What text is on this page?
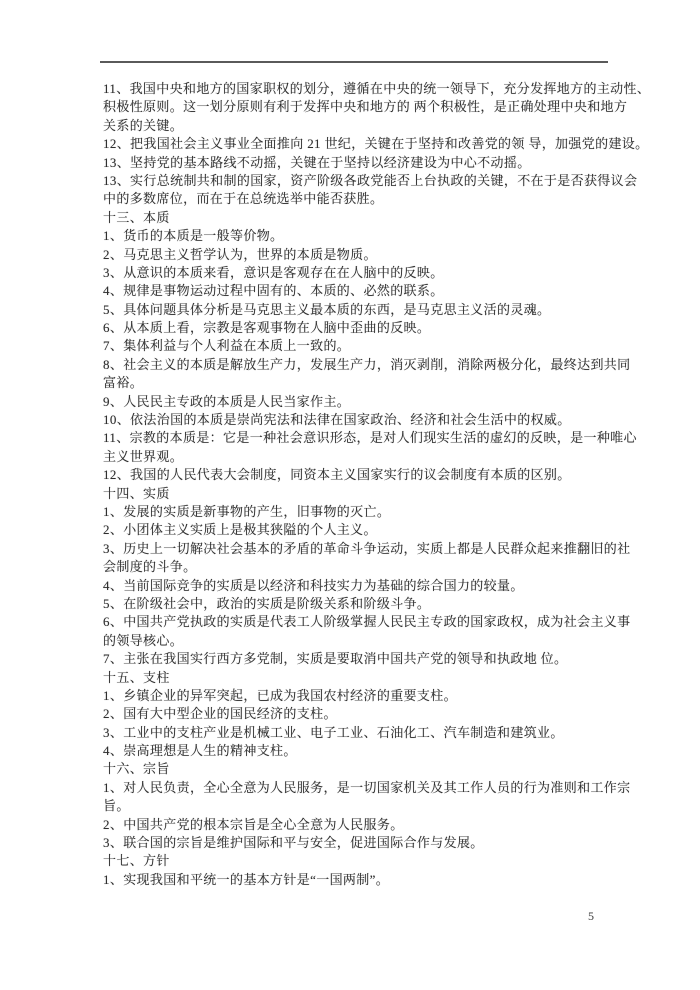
11、我国中央和地方的国家职权的划分，遵循在中央的统一领导下，充分发挥地方的主动性、
积极性原则。这一划分原则有利于发挥中央和地方的 两个积极性，是正确处理中央和地方
关系的关键。
12、把我国社会主义事业全面推向 21 世纪，关键在于坚持和改善党的领 导，加强党的建设。
13、坚持党的基本路线不动摇，关键在于坚持以经济建设为中心不动摇。
13、实行总统制共和制的国家，资产阶级各政党能否上台执政的关键，不在于是否获得议会
中的多数席位，而在于在总统选举中能否获胜。
十三、本质
1、货币的本质是一般等价物。
2、马克思主义哲学认为，世界的本质是物质。
3、从意识的本质来看，意识是客观存在在人脑中的反映。
4、规律是事物运动过程中固有的、本质的、必然的联系。
5、具体问题具体分析是马克思主义最本质的东西，是马克思主义活的灵魂。
6、从本质上看，宗教是客观事物在人脑中歪曲的反映。
7、集体利益与个人利益在本质上一致的。
8、社会主义的本质是解放生产力，发展生产力，消灭剥削，消除两极分化，最终达到共同
富裕。
9、人民民主专政的本质是人民当家作主。
10、依法治国的本质是崇尚宪法和法律在国家政治、经济和社会生活中的权威。
11、宗教的本质是：它是一种社会意识形态，是对人们现实生活的虚幻的反映，是一种唯心
主义世界观。
12、我国的人民代表大会制度，同资本主义国家实行的议会制度有本质的区别。
十四、实质
1、发展的实质是新事物的产生，旧事物的灭亡。
2、小团体主义实质上是极其狭隘的个人主义。
3、历史上一切解决社会基本的矛盾的革命斗争运动，实质上都是人民群众起来推翻旧的社
会制度的斗争。
4、当前国际竞争的实质是以经济和科技实力为基础的综合国力的较量。
5、在阶级社会中，政治的实质是阶级关系和阶级斗争。
6、中国共产党执政的实质是代表工人阶级掌握人民民主专政的国家政权，成为社会主义事
的领导核心。
7、主张在我国实行西方多党制，实质是要取消中国共产党的领导和执政地 位。
十五、支柱
1、乡镇企业的异军突起，已成为我国农村经济的重要支柱。
2、国有大中型企业的国民经济的支柱。
3、工业中的支柱产业是机械工业、电子工业、石油化工、汽车制造和建筑业。
4、崇高理想是人生的精神支柱。
十六、宗旨
1、对人民负责，全心全意为人民服务，是一切国家机关及其工作人员的行为准则和工作宗
旨。
2、中国共产党的根本宗旨是全心全意为人民服务。
3、联合国的宗旨是维护国际和平与安全，促进国际合作与发展。
十七、方针
1、实现我国和平统一的基本方针是“一国两制”。
5
